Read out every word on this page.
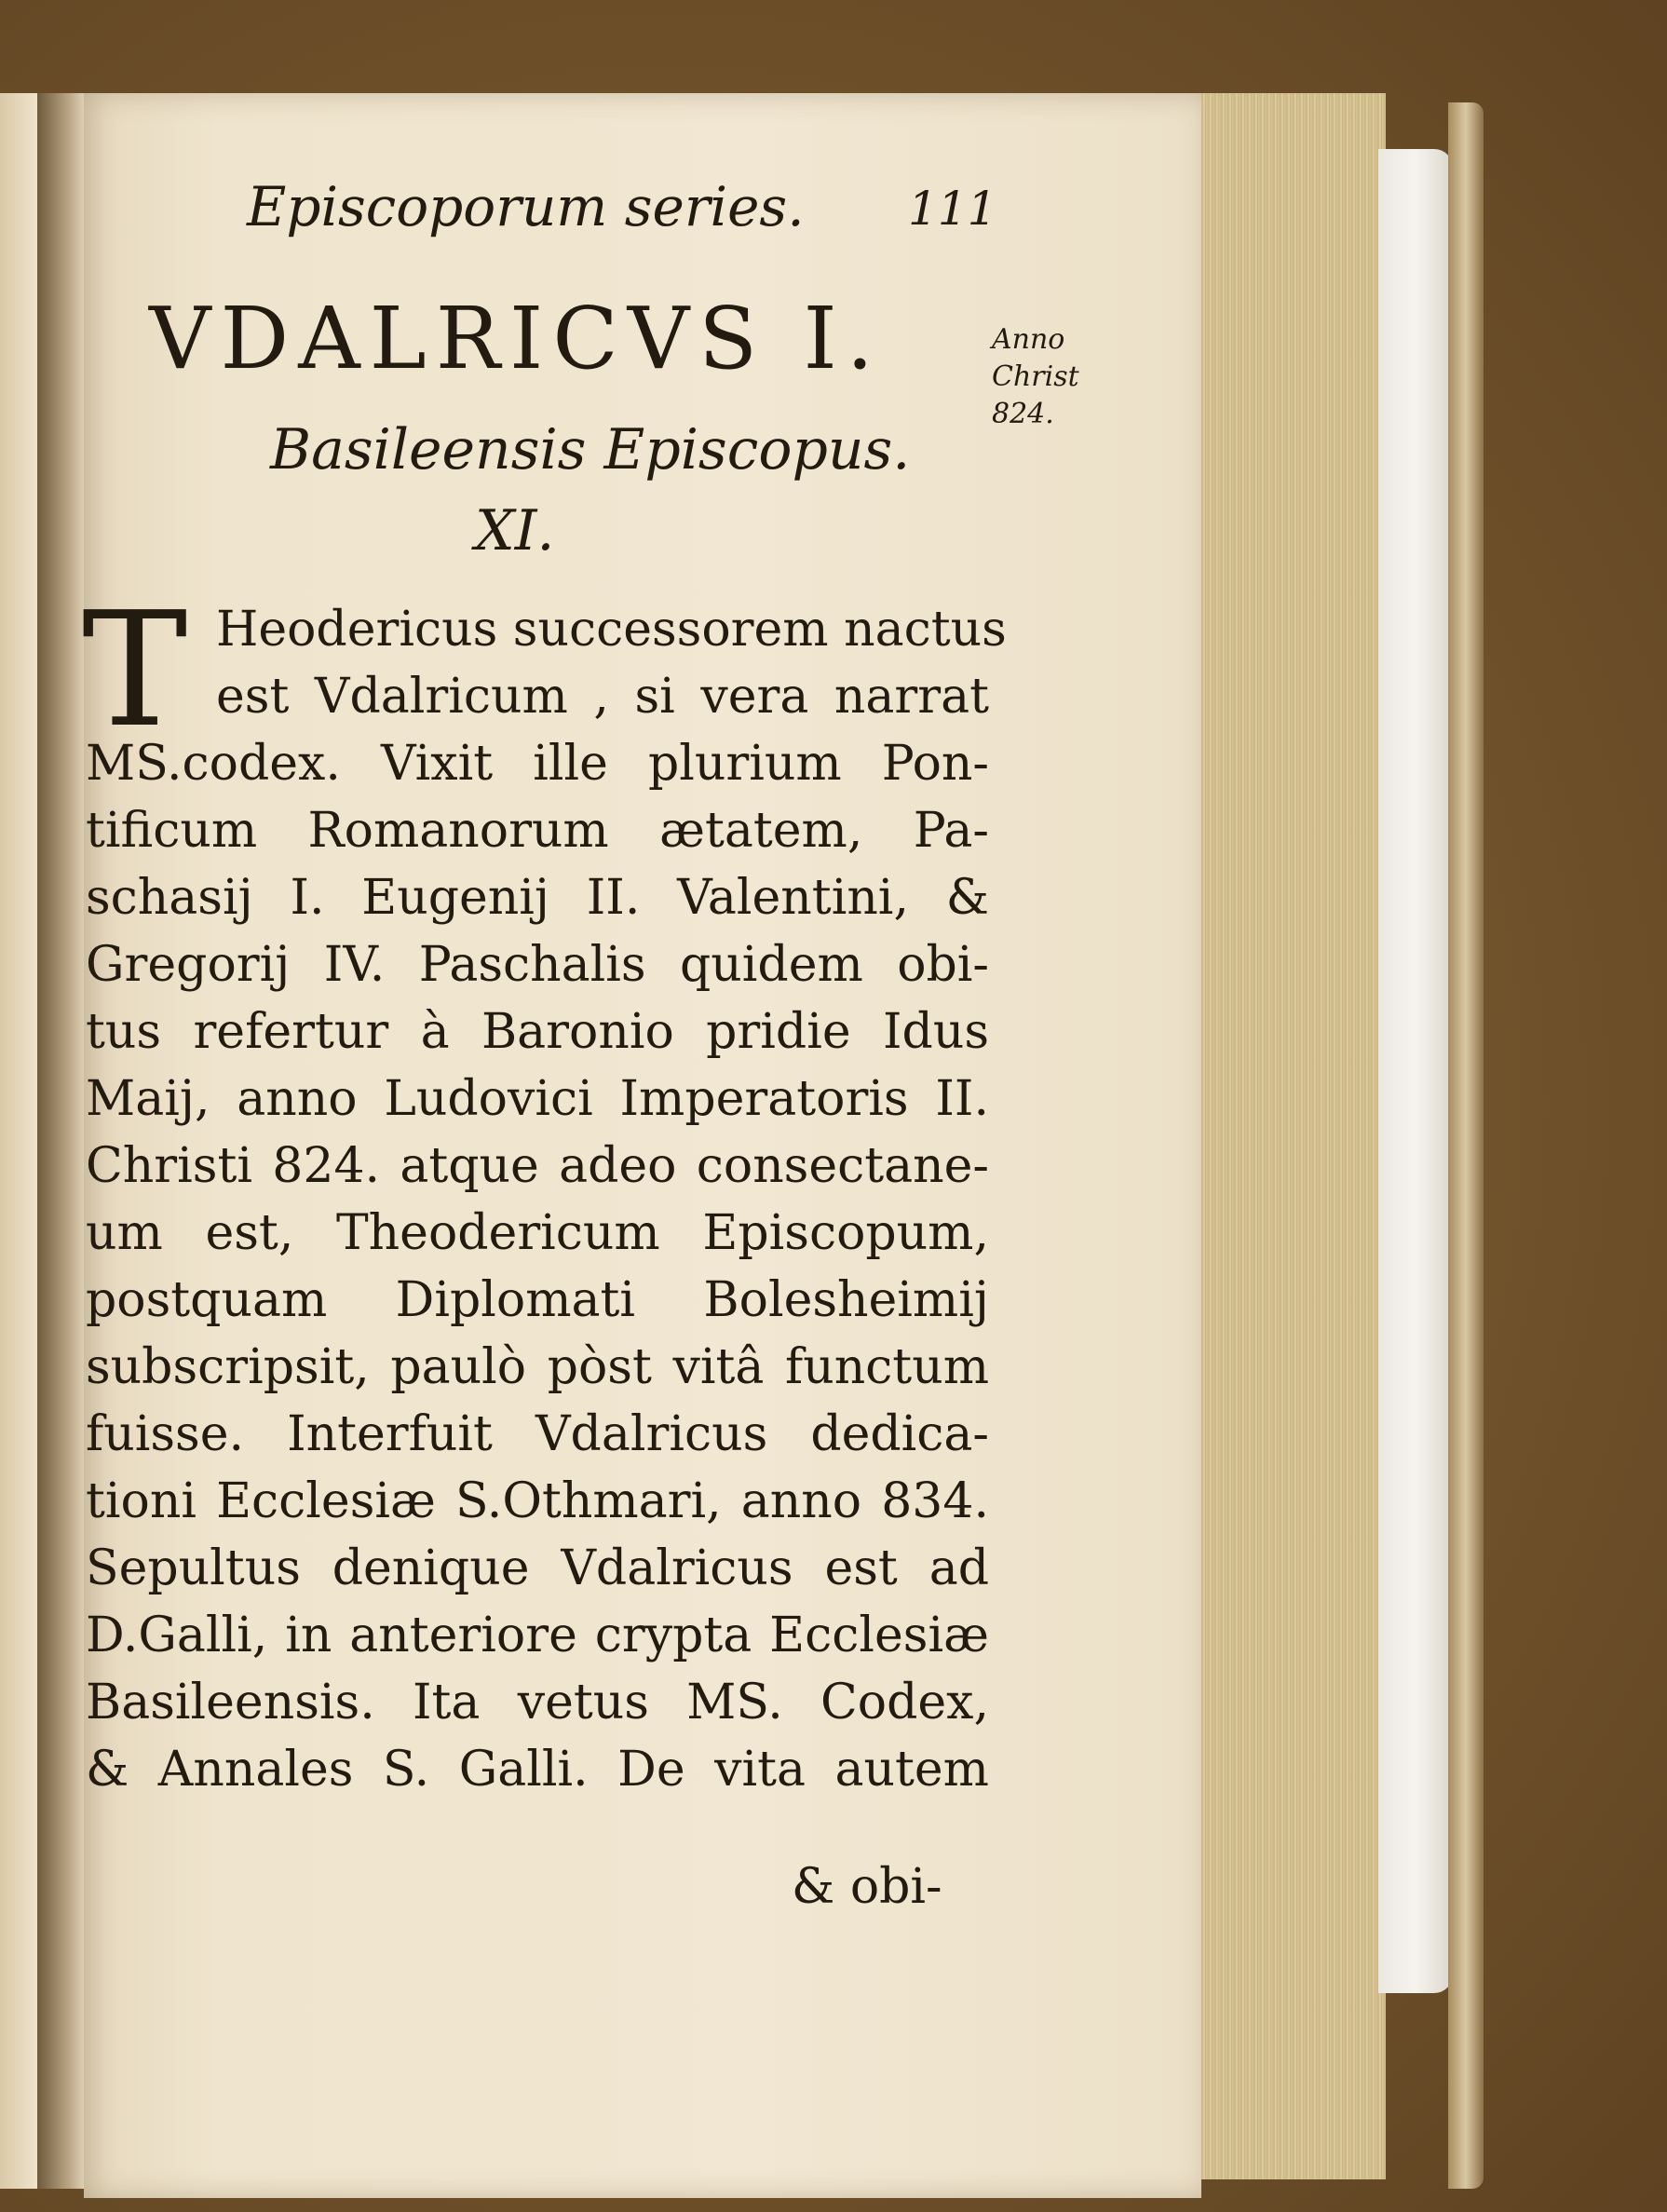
Episcoporum series. 111
VDALRICVS I.
Basileensis Episcopus.
XI.
Anno
Christ
824.
T Heodericus successorem nactus
est Vdalricum , si vera narrat
MS.codex. Vixit ille plurium Pon-
tificum Romanorum ætatem, Pa-
schasij I. Eugenij II. Valentini, &
Gregorij IV. Paschalis quidem obi-
tus refertur à Baronio pridie Idus
Maij, anno Ludovici Imperatoris II.
Christi 824. atque adeo consectane-
um est, Theodericum Episcopum,
postquam Diplomati Bolesheimij
subscripsit, paulò pòst vitâ functum
fuisse. Interfuit Vdalricus dedica-
tioni Ecclesiæ S.Othmari, anno 834.
Sepultus denique Vdalricus est ad
D.Galli, in anteriore crypta Ecclesiæ
Basileensis. Ita vetus MS. Codex,
& Annales S. Galli. De vita autem
& obi-
